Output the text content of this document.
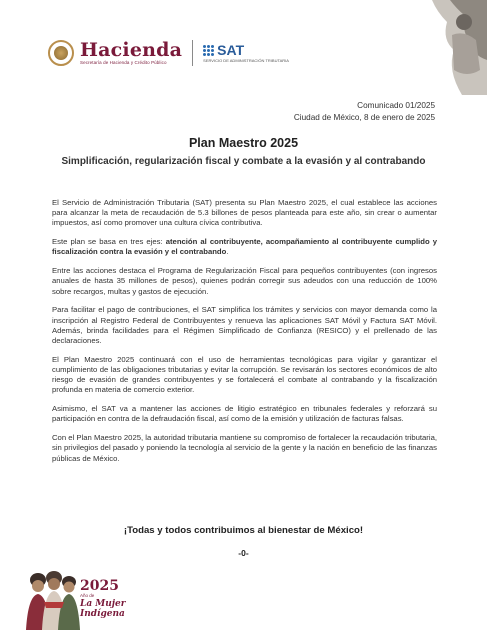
Hacienda
Secretaría de Hacienda y Crédito Público
SAT
SERVICIO DE ADMINISTRACIÓN TRIBUTARIA
Comunicado 01/2025
Ciudad de México, 8 de enero de 2025
Plan Maestro 2025
Simplificación, regularización fiscal y combate a la evasión y al contrabando

El Servicio de Administración Tributaria (SAT) presenta su Plan Maestro 2025, el cual establece las acciones para alcanzar la meta de recaudación de 5.3 billones de pesos planteada para este año, sin crear o aumentar impuestos, así como promover una cultura cívica contributiva.

Este plan se basa en tres ejes: atención al contribuyente, acompañamiento al contribuyente cumplido y fiscalización contra la evasión y el contrabando.

Entre las acciones destaca el Programa de Regularización Fiscal para pequeños contribuyentes (con ingresos anuales de hasta 35 millones de pesos), quienes podrán corregir sus adeudos con una reducción de 100% sobre recargos, multas y gastos de ejecución.

Para facilitar el pago de contribuciones, el SAT simplifica los trámites y servicios con mayor demanda como la inscripción al Registro Federal de Contribuyentes y renueva las aplicaciones SAT Móvil y Factura SAT Móvil. Además, brinda facilidades para el Régimen Simplificado de Confianza (RESICO) y el prellenado de las declaraciones.

El Plan Maestro 2025 continuará con el uso de herramientas tecnológicas para vigilar y garantizar el cumplimiento de las obligaciones tributarias y evitar la corrupción. Se revisarán los sectores económicos de alto riesgo de evasión de grandes contribuyentes y se fortalecerá el combate al contrabando y la fiscalización profunda en materia de comercio exterior.

Asimismo, el SAT va a mantener las acciones de litigio estratégico en tribunales federales y reforzará su participación en contra de la defraudación fiscal, así como de la emisión y utilización de facturas falsas.

Con el Plan Maestro 2025, la autoridad tributaria mantiene su compromiso de fortalecer la recaudación tributaria, sin privilegios del pasado y poniendo la tecnología al servicio de la gente y la nación en beneficio de las finanzas públicas de México.

¡Todas y todos contribuimos al bienestar de México!
-0-
2025
Año de
La Mujer
Indígena
